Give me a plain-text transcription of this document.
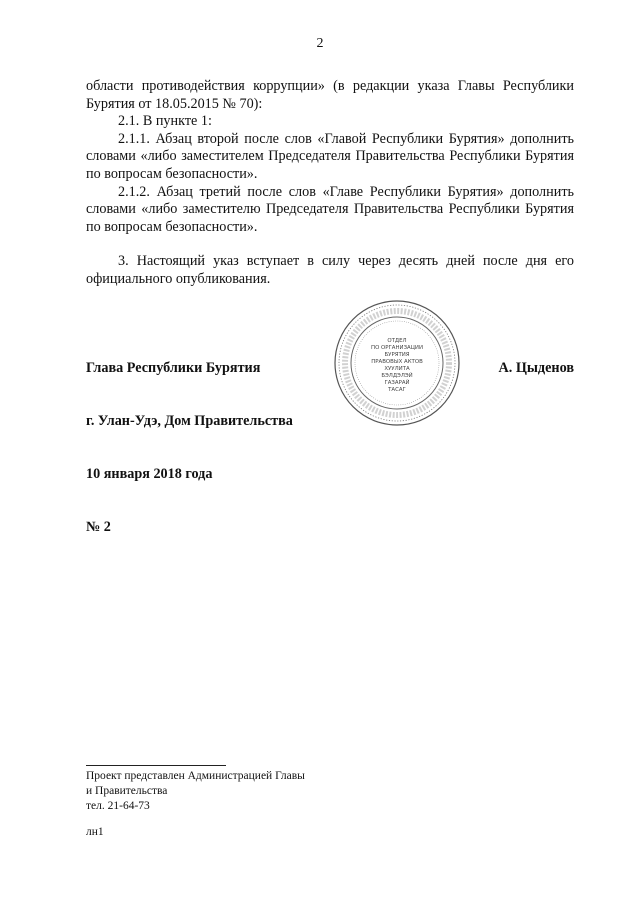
2

области противодействия коррупции» (в редакции указа Главы Республики Бурятия от 18.05.2015 № 70):

2.1. В пункте 1:

2.1.1. Абзац второй после слов «Главой Республики Бурятия» дополнить словами «либо заместителем Председателя Правительства Республики Бурятия по вопросам безопасности».

2.1.2. Абзац третий после слов «Главе Республики Бурятия» дополнить словами «либо заместителю Председателя Правительства Республики Бурятия по вопросам безопасности».

3. Настоящий указ вступает в силу через десять дней после дня его официального опубликования.

ОТДЕЛ
ПО ОРГАНИЗАЦИИ
БУРЯТИЯ
ПРАВОВЫХ АКТОВ
ХУУЛИТА
БЭЛДЭЛЭЙ
ГАЗАРАЙ
ТАСАГ
Глава Республики Бурятия	А. Цыденов
г. Улан-Удэ, Дом Правительства
10 января 2018 года
№ 2
Проект представлен Администрацией Главы
и Правительства
тел. 21-64-73
лн1
